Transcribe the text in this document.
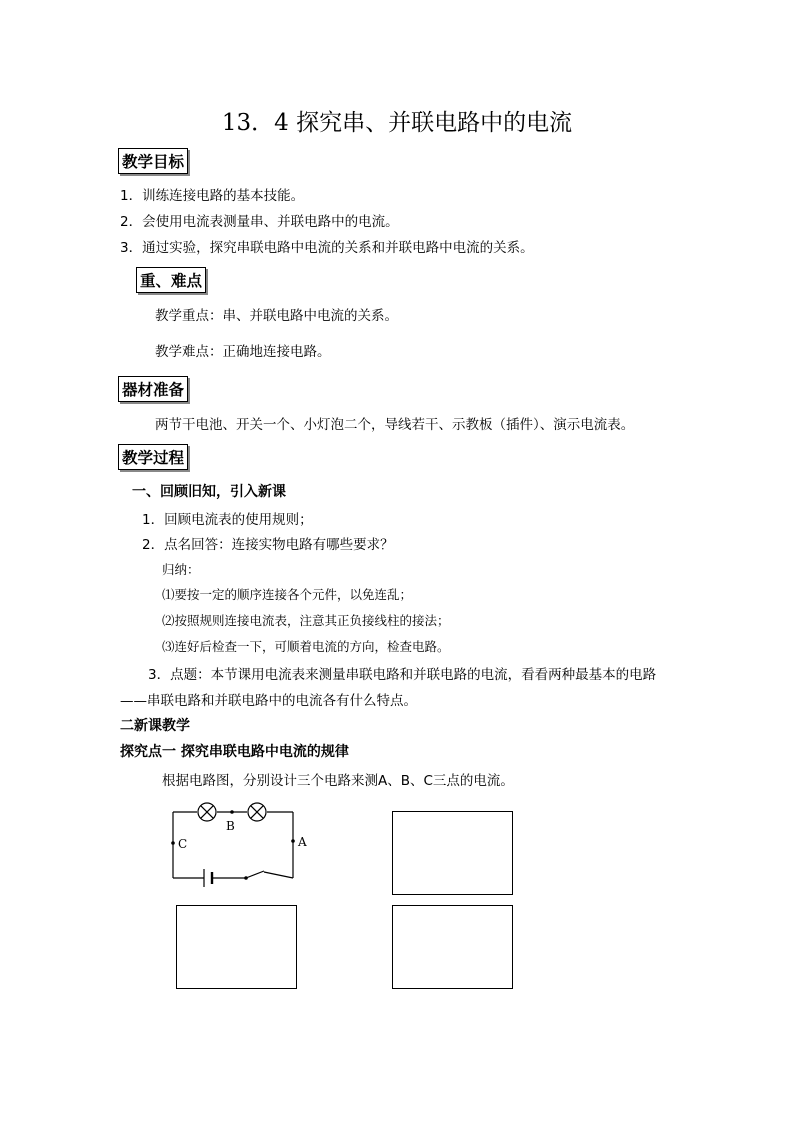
13．4 探究串、并联电路中的电流
教学目标
1．训练连接电路的基本技能。
2．会使用电流表测量串、并联电路中的电流。
3．通过实验，探究串联电路中电流的关系和并联电路中电流的关系。
重、难点
教学重点：串、并联电路中电流的关系。
教学难点：正确地连接电路。
器材准备
两节干电池、开关一个、小灯泡二个，导线若干、示教板（插件）、演示电流表。
教学过程
一、回顾旧知，引入新课
1．回顾电流表的使用规则；
2．点名回答：连接实物电路有哪些要求？
归纳：
⑴要按一定的顺序连接各个元件，以免连乱；
⑵按照规则连接电流表，注意其正负接线柱的接法；
⑶连好后检查一下，可顺着电流的方向，检查电路。
3．点题：本节课用电流表来测量串联电路和并联电路的电流，看看两种最基本的电路
——串联电路和并联电路中的电流各有什么特点。
二新课教学
探究点一 探究串联电路中电流的规律
根据电路图，分别设计三个电路来测A、B、C三点的电流。
B
A
C
